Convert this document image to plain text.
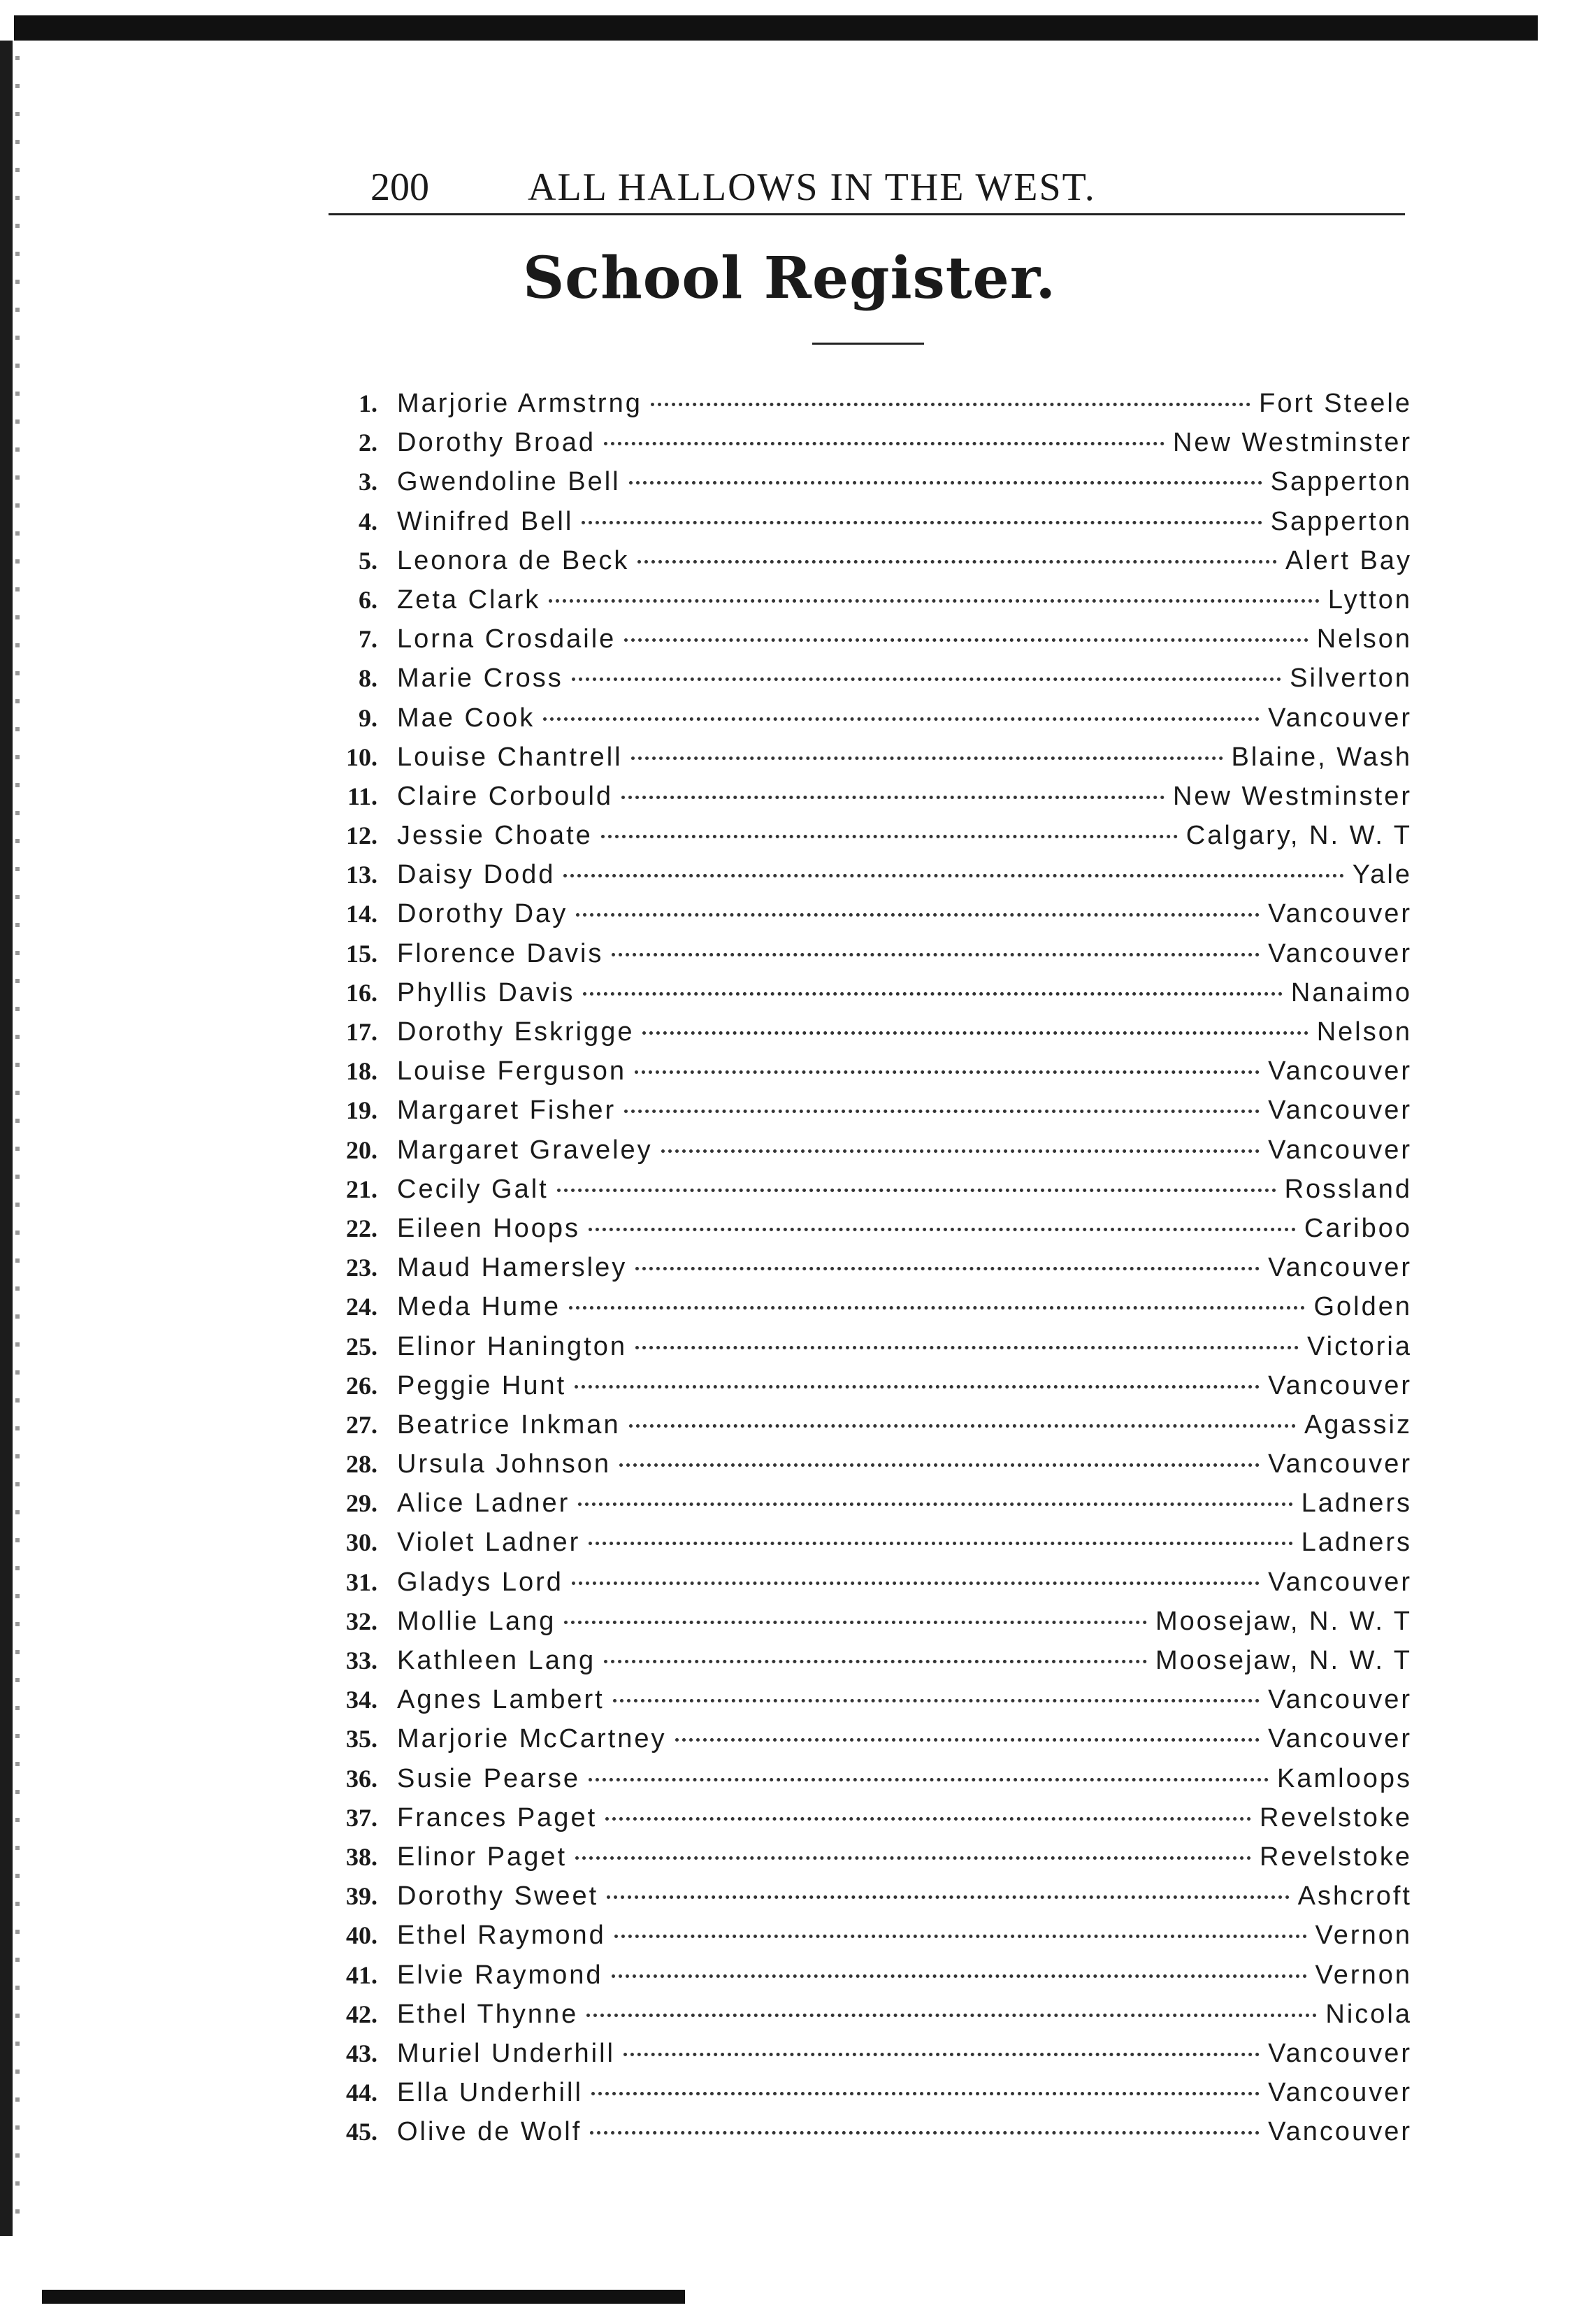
200	ALL HALLOWS IN THE WEST.
School Register.
1. Marjorie Armstrng	Fort Steele
2. Dorothy Broad	New Westminster
3. Gwendoline Bell	Sapperton
4. Winifred Bell	Sapperton
5. Leonora de Beck	Alert Bay
6. Zeta Clark	Lytton
7. Lorna Crosdaile	Nelson
8. Marie Cross	Silverton
9. Mae Cook	Vancouver
10. Louise Chantrell	Blaine, Wash
11. Claire Corbould	New Westminster
12. Jessie Choate	Calgary, N. W. T
13. Daisy Dodd	Yale
14. Dorothy Day	Vancouver
15. Florence Davis	Vancouver
16. Phyllis Davis	Nanaimo
17. Dorothy Eskrigge	Nelson
18. Louise Ferguson	Vancouver
19. Margaret Fisher	Vancouver
20. Margaret Graveley	Vancouver
21. Cecily Galt	Rossland
22. Eileen Hoops	Cariboo
23. Maud Hamersley	Vancouver
24. Meda Hume	Golden
25. Elinor Hanington	Victoria
26. Peggie Hunt	Vancouver
27. Beatrice Inkman	Agassiz
28. Ursula Johnson	Vancouver
29. Alice Ladner	Ladners
30. Violet Ladner	Ladners
31. Gladys Lord	Vancouver
32. Mollie Lang	Moosejaw, N. W. T
33. Kathleen Lang	Moosejaw, N. W. T
34. Agnes Lambert	Vancouver
35. Marjorie McCartney	Vancouver
36. Susie Pearse	Kamloops
37. Frances Paget	Revelstoke
38. Elinor Paget	Revelstoke
39. Dorothy Sweet	Ashcroft
40. Ethel Raymond	Vernon
41. Elvie Raymond	Vernon
42. Ethel Thynne	Nicola
43. Muriel Underhill	Vancouver
44. Ella Underhill	Vancouver
45. Olive de Wolf	Vancouver
